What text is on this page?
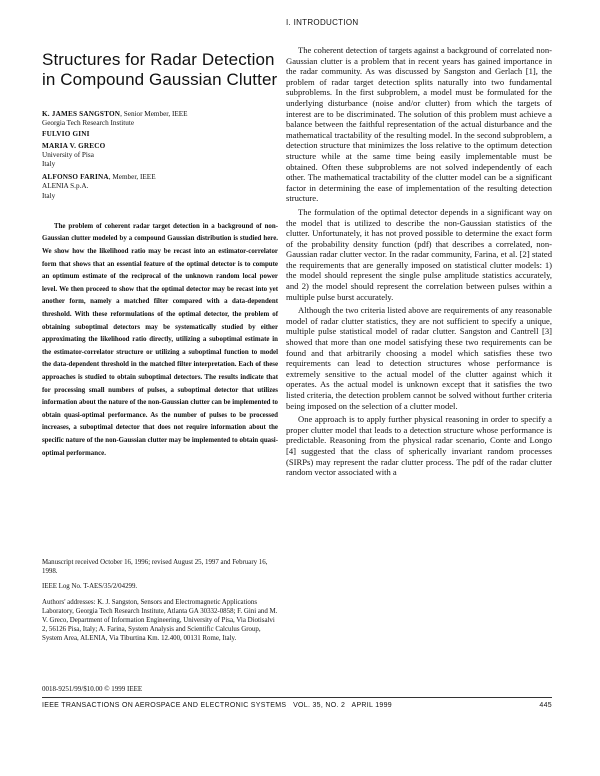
Structures for Radar Detection in Compound Gaussian Clutter
K. JAMES SANGSTON, Senior Member, IEEE
Georgia Tech Research Institute
FULVIO GINI
MARIA V. GRECO
University of Pisa
Italy
ALFONSO FARINA, Member, IEEE
ALENIA S.p.A.
Italy

The problem of coherent radar target detection in a background of non-Gaussian clutter modeled by a compound Gaussian distribution is studied here. We show how the likelihood ratio may be recast into an estimator-correlator form that shows that an essential feature of the optimal detector is to compute an optimum estimate of the reciprocal of the unknown random local power level. We then proceed to show that the optimal detector may be recast into yet another form, namely a matched filter compared with a data-dependent threshold. With these reformulations of the optimal detector, the problem of obtaining suboptimal detectors may be systematically studied by either approximating the likelihood ratio directly, utilizing a suboptimal estimate in the estimator-correlator structure or utilizing a suboptimal function to model the data-dependent threshold in the matched filter interpretation. Each of these approaches is studied to obtain suboptimal detectors. The results indicate that for processing small numbers of pulses, a suboptimal detector that utilizes information about the nature of the non-Gaussian clutter can be implemented to obtain quasi-optimal performance. As the number of pulses to be processed increases, a suboptimal detector that does not require information about the specific nature of the non-Gaussian clutter may be implemented to obtain quasi-optimal performance.

Manuscript received October 16, 1996; revised August 25, 1997 and February 16, 1998.

IEEE Log No. T-AES/35/2/04299.

Authors' addresses: K. J. Sangston, Sensors and Electromagnetic Applications Laboratory, Georgia Tech Research Institute, Atlanta GA 30332-0858; F. Gini and M. V. Greco, Department of Information Engineering, University of Pisa, Via Diotisalvi 2, 56126 Pisa, Italy; A. Farina, System Analysis and Scientific Calculus Group, System Area, ALENIA, Via Tiburtina Km. 12.400, 00131 Rome, Italy.

0018-9251/99/$10.00 © 1999 IEEE
I. INTRODUCTION

The coherent detection of targets against a background of correlated non-Gaussian clutter is a problem that in recent years has gained importance in the radar community. As was discussed by Sangston and Gerlach [1], the problem of radar target detection splits naturally into two fundamental subproblems. In the first subproblem, a model must be formulated for the underlying disturbance (noise and/or clutter) from which the targets of interest are to be discriminated. The solution of this problem must achieve a balance between the faithful representation of the actual disturbance and the mathematical tractability of the resulting model. In the second subproblem, a detection structure that minimizes the loss relative to the optimum detection structure while at the same time being easily implementable must be obtained. Often these subproblems are not solved independently of each other. The mathematical tractability of the clutter model can be a significant factor in determining the ease of implementation of the resulting detection structure.

The formulation of the optimal detector depends in a significant way on the model that is utilized to describe the non-Gaussian statistics of the clutter. Unfortunately, it has not proved possible to determine the exact form of the probability density function (pdf) that describes a correlated, non-Gaussian radar clutter vector. In the radar community, Farina, et al. [2] stated the requirements that are generally imposed on statistical clutter models: 1) the model should represent the single pulse amplitude statistics accurately, and 2) the model should represent the correlation between pulses within a multiple pulse burst accurately.

Although the two criteria listed above are requirements of any reasonable model of radar clutter statistics, they are not sufficient to specify a unique, multiple pulse statistical model of radar clutter. Sangston and Cantrell [3] showed that more than one model satisfying these two requirements can be found and that arbitrarily choosing a model which satisfies these two requirements can lead to detection structures whose performance is extremely sensitive to the actual model of the clutter against which it operates. As the actual model is unknown except that it satisfies the two listed criteria, the detection problem cannot be solved without further criteria being imposed on the selection of a clutter model.

One approach is to apply further physical reasoning in order to specify a proper clutter model that leads to a detection structure whose performance is predictable. Reasoning from the physical radar scenario, Conte and Longo [4] suggested that the class of spherically invariant random processes (SIRPs) may represent the radar clutter process. The pdf of the radar clutter random vector associated with a

IEEE TRANSACTIONS ON AEROSPACE AND ELECTRONIC SYSTEMS   VOL. 35, NO. 2   APRIL 1999	445
